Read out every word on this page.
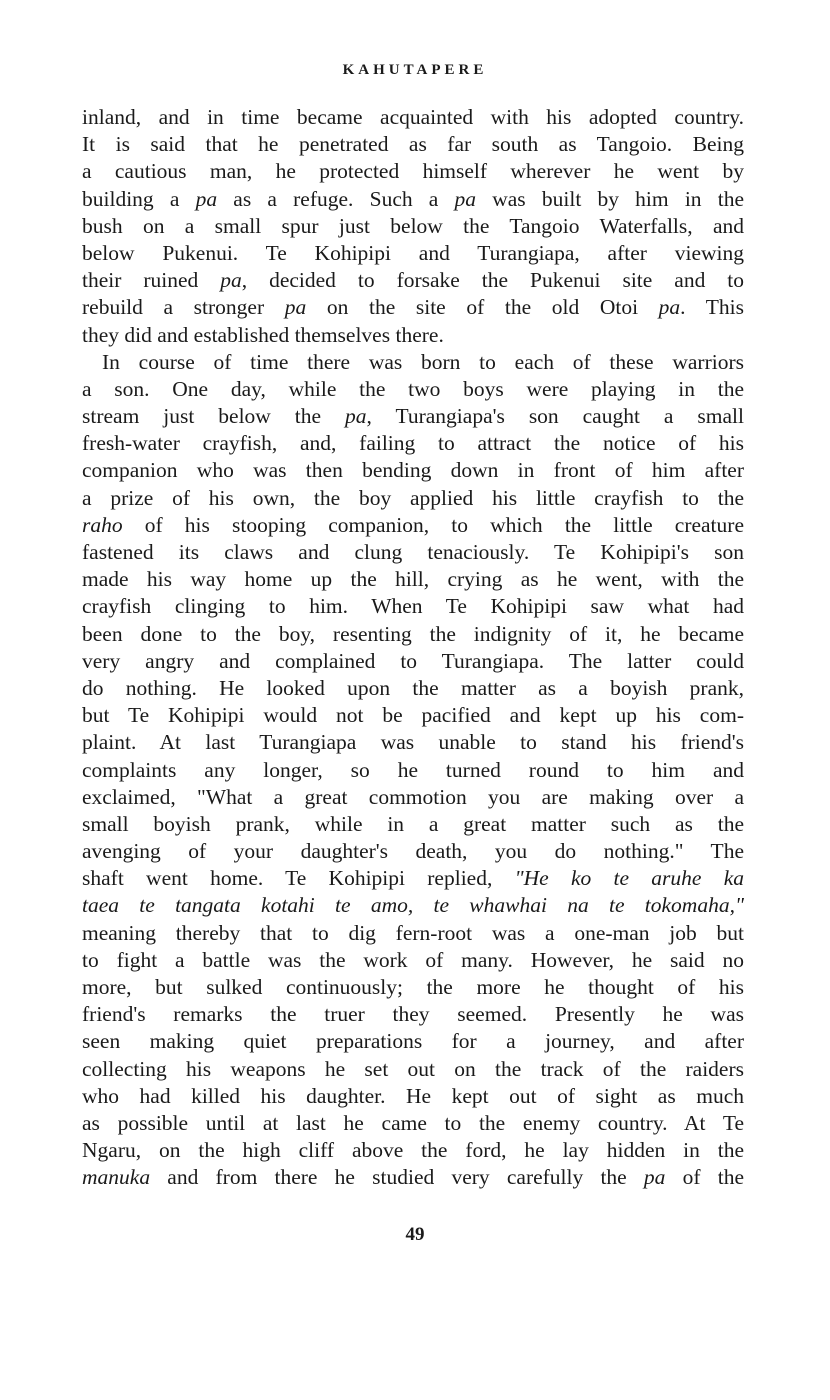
KAHUTAPERE
inland, and in time became acquainted with his adopted country.
It is said that he penetrated as far south as Tangoio. Being
a cautious man, he protected himself wherever he went by
building a pa as a refuge. Such a pa was built by him in the
bush on a small spur just below the Tangoio Waterfalls, and
below Pukenui. Te Kohipipi and Turangiapa, after viewing
their ruined pa, decided to forsake the Pukenui site and to
rebuild a stronger pa on the site of the old Otoi pa. This
they did and established themselves there.
In course of time there was born to each of these warriors
a son. One day, while the two boys were playing in the
stream just below the pa, Turangiapa's son caught a small
fresh-water crayfish, and, failing to attract the notice of his
companion who was then bending down in front of him after
a prize of his own, the boy applied his little crayfish to the
raho of his stooping companion, to which the little creature
fastened its claws and clung tenaciously. Te Kohipipi's son
made his way home up the hill, crying as he went, with the
crayfish clinging to him. When Te Kohipipi saw what had
been done to the boy, resenting the indignity of it, he became
very angry and complained to Turangiapa. The latter could
do nothing. He looked upon the matter as a boyish prank,
but Te Kohipipi would not be pacified and kept up his com-
plaint. At last Turangiapa was unable to stand his friend's
complaints any longer, so he turned round to him and
exclaimed, "What a great commotion you are making over a
small boyish prank, while in a great matter such as the
avenging of your daughter's death, you do nothing." The
shaft went home. Te Kohipipi replied, "He ko te aruhe ka
taea te tangata kotahi te amo, te whawhai na te tokomaha,"
meaning thereby that to dig fern-root was a one-man job but
to fight a battle was the work of many. However, he said no
more, but sulked continuously; the more he thought of his
friend's remarks the truer they seemed. Presently he was
seen making quiet preparations for a journey, and after
collecting his weapons he set out on the track of the raiders
who had killed his daughter. He kept out of sight as much
as possible until at last he came to the enemy country. At Te
Ngaru, on the high cliff above the ford, he lay hidden in the
manuka and from there he studied very carefully the pa of the
49
